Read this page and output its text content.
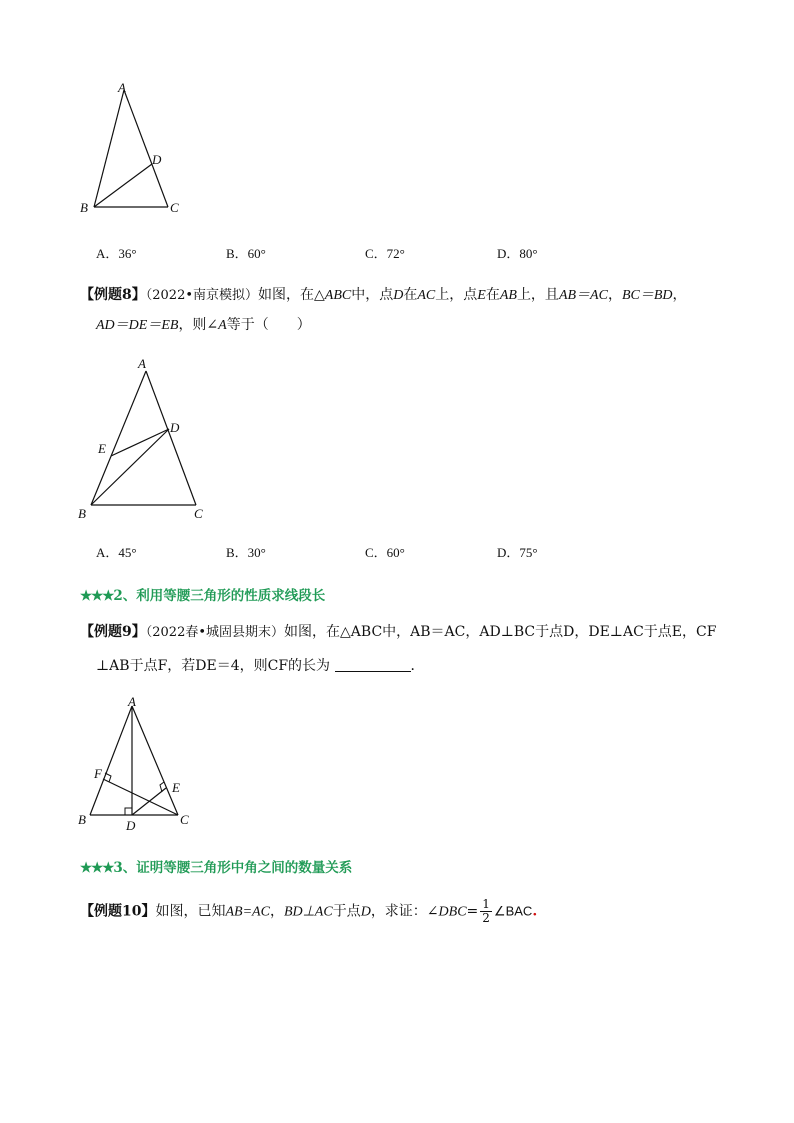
A
B	C
D
A．36°	B．60°	C．72°	D．80°
【例题8】（2022•南京模拟）如图，在△ABC中，点D在AC上，点E在AB上，且AB＝AC，BC＝BD，
AD＝DE＝EB，则∠A等于（　　）
A
B	C
D
E
A．45°	B．30°	C．60°	D．75°
★★★2、利用等腰三角形的性质求线段长
【例题9】（2022春•城固县期末）如图，在△ABC中，AB＝AC，AD⊥BC于点D，DE⊥AC于点E，CF
⊥AB于点F，若DE＝4，则CF的长为	．
A
B	C
D
E
F
★★★3、证明等腰三角形中角之间的数量关系
【例题10】如图，已知AB=AC，BD⊥AC于点D，求证：∠DBC= $\frac{1}{2}$ ∠BAC.
